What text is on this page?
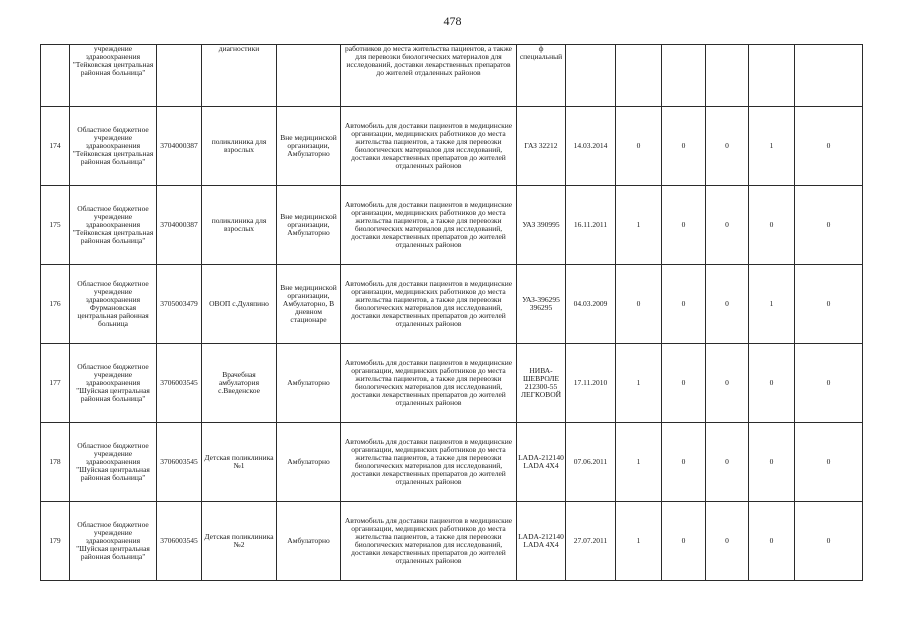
478
	учреждение здравоохранения "Тейковская центральная районная больница"		диагностики		работников до места жительства пациентов, а также для перевозки биологических материалов для исследований, доставки лекарственных препаратов до жителей отдаленных районов	ф специальный						
174	Областное бюджетное учреждение здравоохранения "Тейковская центральная районная больница"	3704000387	поликлиника для взрослых	Вне медицинской организации, Амбулаторно	Автомобиль для доставки пациентов в медицинские организации, медицинских работников до места жительства пациентов, а также для перевозки биологических материалов для исследований, доставки лекарственных препаратов до жителей отдаленных районов	ГАЗ 32212	14.03.2014	0	0	0	1	0
175	Областное бюджетное учреждение здравоохранения "Тейковская центральная районная больница"	3704000387	поликлиника для взрослых	Вне медицинской организации, Амбулаторно	Автомобиль для доставки пациентов в медицинские организации, медицинских работников до места жительства пациентов, а также для перевозки биологических материалов для исследований, доставки лекарственных препаратов до жителей отдаленных районов	УАЗ 390995	16.11.2011	1	0	0	0	0
176	Областное бюджетное учреждение здравоохранения Фурмановская центральная районная больница	3705003479	ОВОП с.Дуляпино	Вне медицинской организации, Амбулаторно, В дневном стационаре	Автомобиль для доставки пациентов в медицинские организации, медицинских работников до места жительства пациентов, а также для перевозки биологических материалов для исследований, доставки лекарственных препаратов до жителей отдаленных районов	УАЗ-396295 396295	04.03.2009	0	0	0	1	0
177	Областное бюджетное учреждение здравоохранения "Шуйская центральная районная больница"	3706003545	Врачебная амбулатория с.Введенское	Амбулаторно	Автомобиль для доставки пациентов в медицинские организации, медицинских работников до места жительства пациентов, а также для перевозки биологических материалов для исследований, доставки лекарственных препаратов до жителей отдаленных районов	НИВА-ШЕВРОЛЕ 212300-55 ЛЕГКОВОЙ	17.11.2010	1	0	0	0	0
178	Областное бюджетное учреждение здравоохранения "Шуйская центральная районная больница"	3706003545	Детская поликлиника №1	Амбулаторно	Автомобиль для доставки пациентов в медицинские организации, медицинских работников до места жительства пациентов, а также для перевозки биологических материалов для исследований, доставки лекарственных препаратов до жителей отдаленных районов	LADA-212140 LADA 4X4	07.06.2011	1	0	0	0	0
179	Областное бюджетное учреждение здравоохранения "Шуйская центральная районная больница"	3706003545	Детская поликлиника №2	Амбулаторно	Автомобиль для доставки пациентов в медицинские организации, медицинских работников до места жительства пациентов, а также для перевозки биологических материалов для исследований, доставки лекарственных препаратов до жителей отдаленных районов	LADA-212140 LADA 4X4	27.07.2011	1	0	0	0	0
